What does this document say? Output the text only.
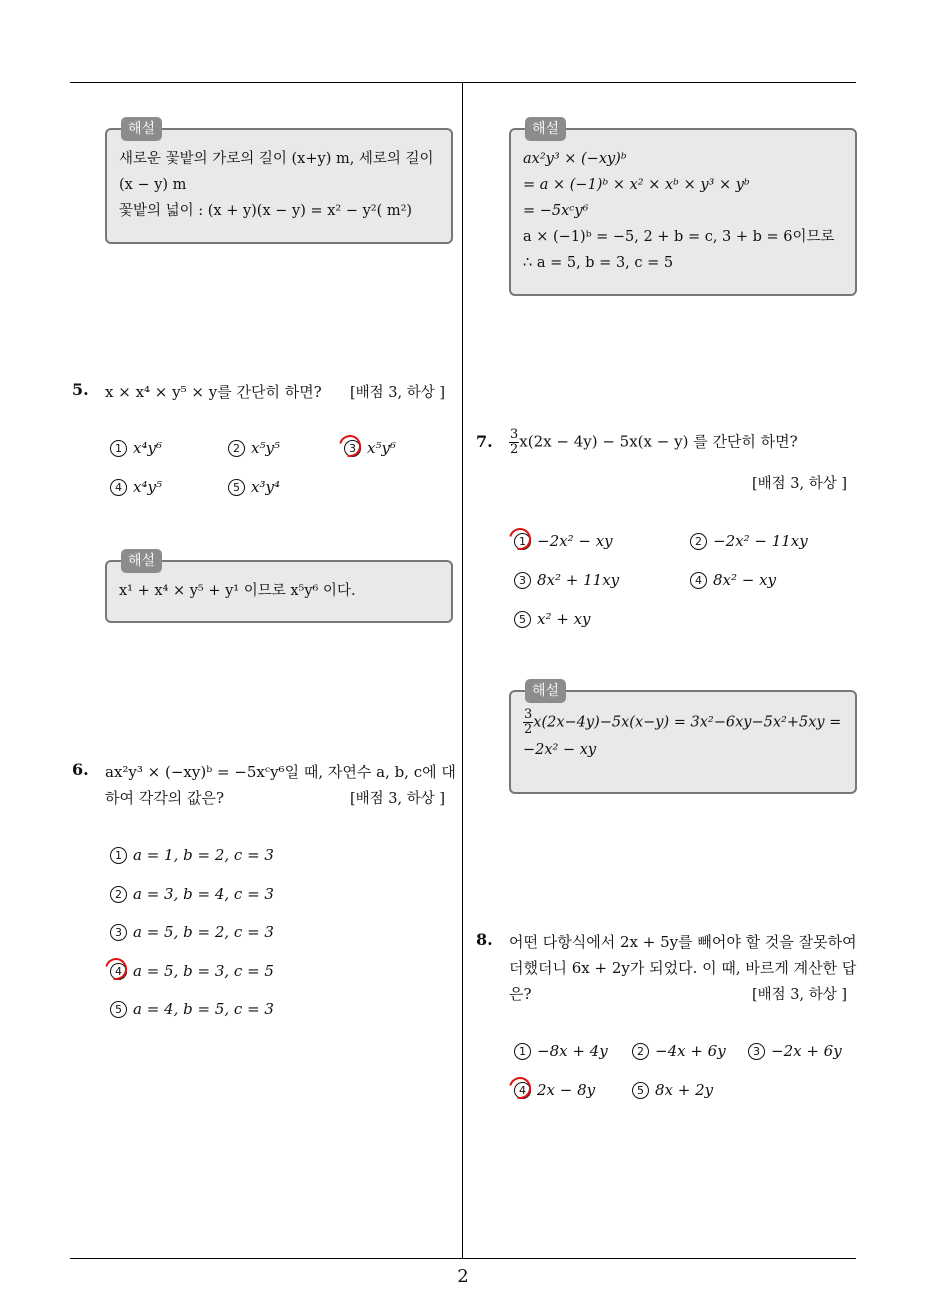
해설
새로운 꽃밭의 가로의 길이 (x+y) m, 세로의 길이
(x − y) m
꽃밭의 넓이 : (x + y)(x − y) = x² − y²( m²)
5. x × x⁴ × y⁵ × y를 간단히 하면? [배점 3, 하상 ]
1 x⁴y⁶	2 x⁵y⁵	3 x⁵y⁶
4 x⁴y⁵	5 x³y⁴
해설
x¹ + x⁴ × y⁵ + y¹ 이므로 x⁵y⁶ 이다.
6. ax²y³ × (−xy)ᵇ = −5xᶜy⁶일 때, 자연수 a, b, c에 대
하여 각각의 값은?	[배점 3, 하상 ]
1 a = 1, b = 2, c = 3
2 a = 3, b = 4, c = 3
3 a = 5, b = 2, c = 3
4 a = 5, b = 3, c = 5
5 a = 4, b = 5, c = 3
해설
ax²y³ × (−xy)ᵇ
= a × (−1)ᵇ × x² × xᵇ × y³ × yᵇ
= −5xᶜy⁶
a × (−1)ᵇ = −5, 2 + b = c, 3 + b = 6이므로
∴ a = 5, b = 3, c = 5
7. $\frac{3}{2} x(2x - 4y) - 5x(x - y)$ 를 간단히 하면?
[배점 3, 하상 ]
1 −2x² − xy	2 −2x² − 11xy
3 8x² + 11xy	4 8x² − xy
5 x² + xy
해설
$\frac{3}{2} x(2x-4y)-5x(x-y) = 3x^2-6xy-5x^2+5xy$ =
−2x² − xy
8. 어떤 다항식에서 2x + 5y를 빼어야 할 것을 잘못하여
더했더니 6x + 2y가 되었다. 이 때, 바르게 계산한 답
은?	[배점 3, 하상 ]
1 −8x + 4y	2 −4x + 6y	3 −2x + 6y
4 2x − 8y	5 8x + 2y
2
